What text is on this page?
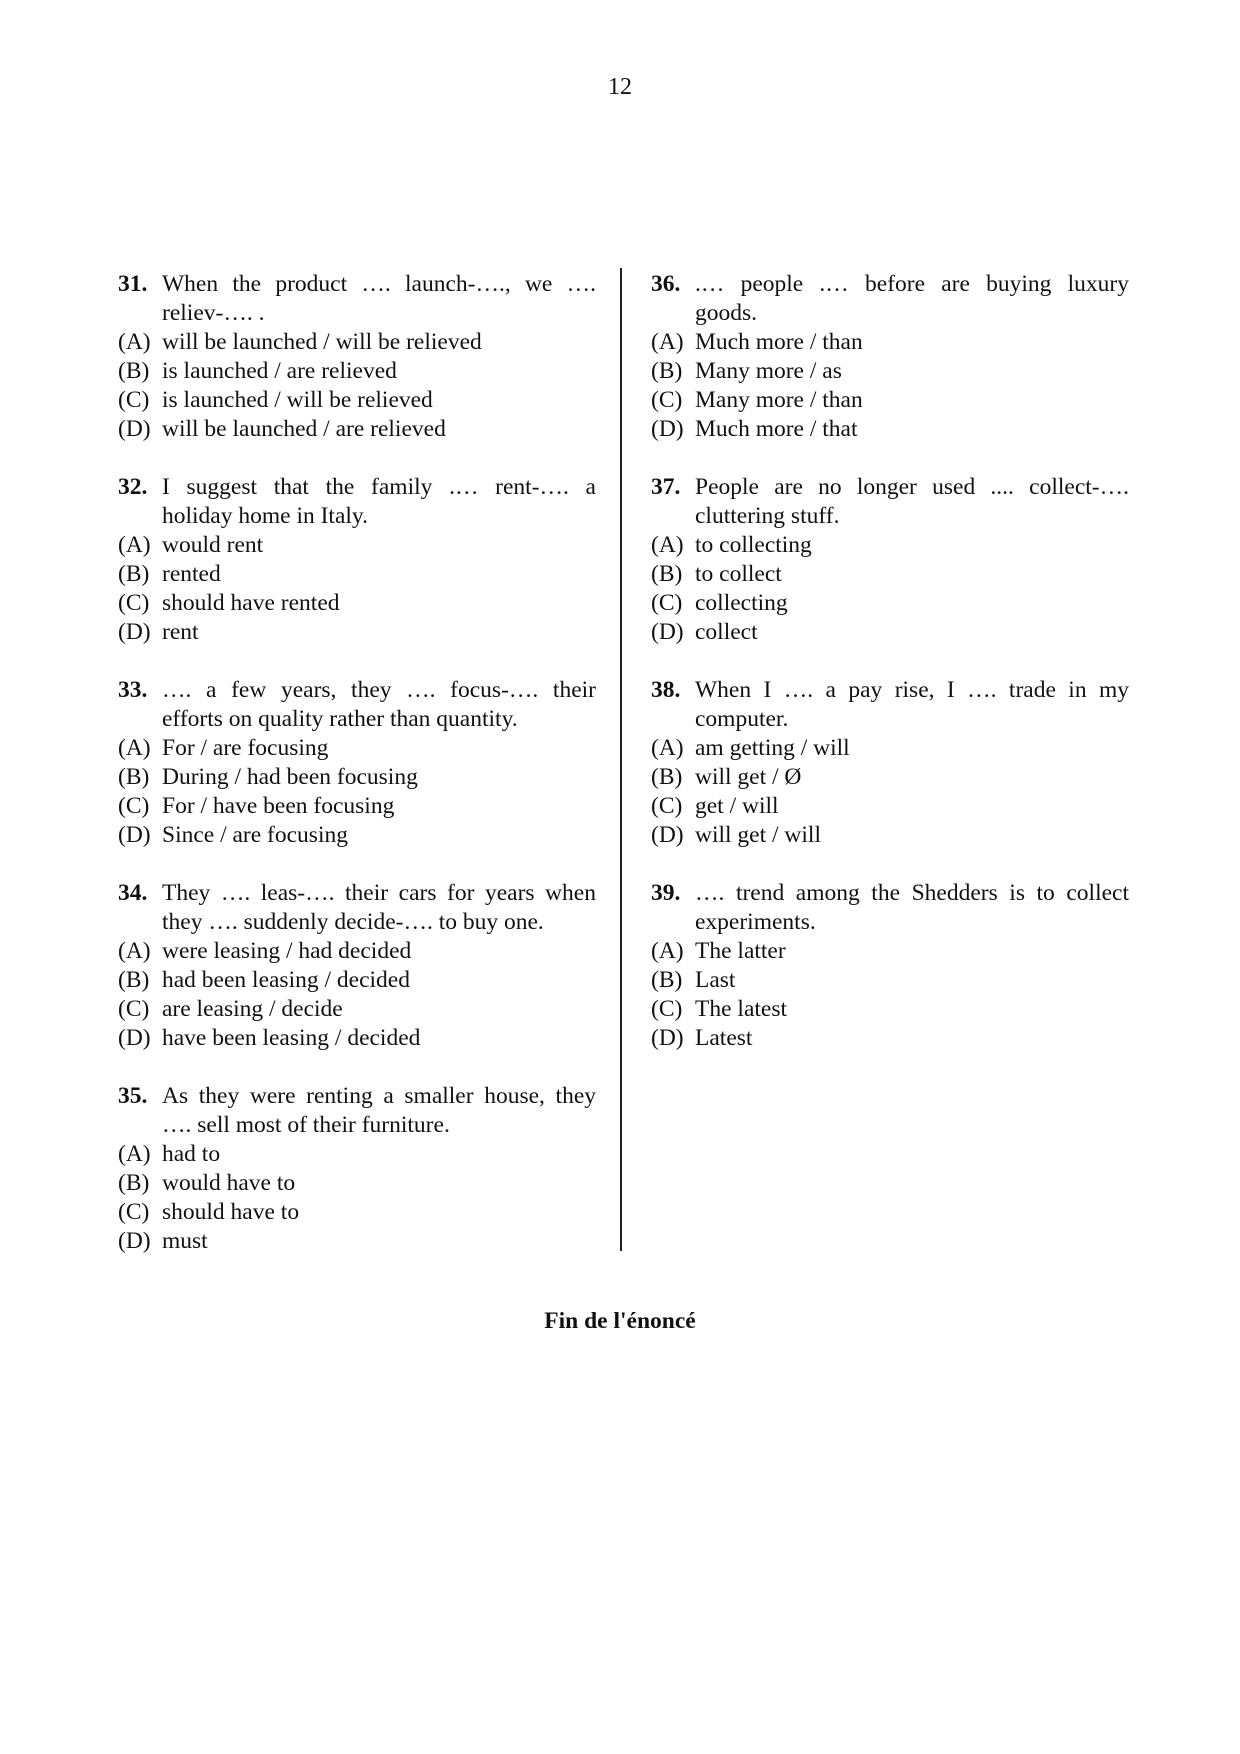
12
31. When the product …. launch-…., we …. reliev-…. .
(A) will be launched / will be relieved
(B) is launched / are relieved
(C) is launched / will be relieved
(D) will be launched / are relieved
32. I suggest that the family .… rent-…. a holiday home in Italy.
(A) would rent
(B) rented
(C) should have rented
(D) rent
33. …. a few years, they …. focus-…. their efforts on quality rather than quantity.
(A) For / are focusing
(B) During / had been focusing
(C) For / have been focusing
(D) Since / are focusing
34. They …. leas-…. their cars for years when they …. suddenly decide-…. to buy one.
(A) were leasing / had decided
(B) had been leasing / decided
(C) are leasing / decide
(D) have been leasing / decided
35. As they were renting a smaller house, they …. sell most of their furniture.
(A) had to
(B) would have to
(C) should have to
(D) must
36. .… people .… before are buying luxury goods.
(A) Much more / than
(B) Many more / as
(C) Many more / than
(D) Much more / that
37. People are no longer used .... collect-…. cluttering stuff.
(A) to collecting
(B) to collect
(C) collecting
(D) collect
38. When I …. a pay rise, I …. trade in my computer.
(A) am getting / will
(B) will get / Ø
(C) get / will
(D) will get / will
39. …. trend among the Shedders is to collect experiments.
(A) The latter
(B) Last
(C) The latest
(D) Latest
Fin de l'énoncé
